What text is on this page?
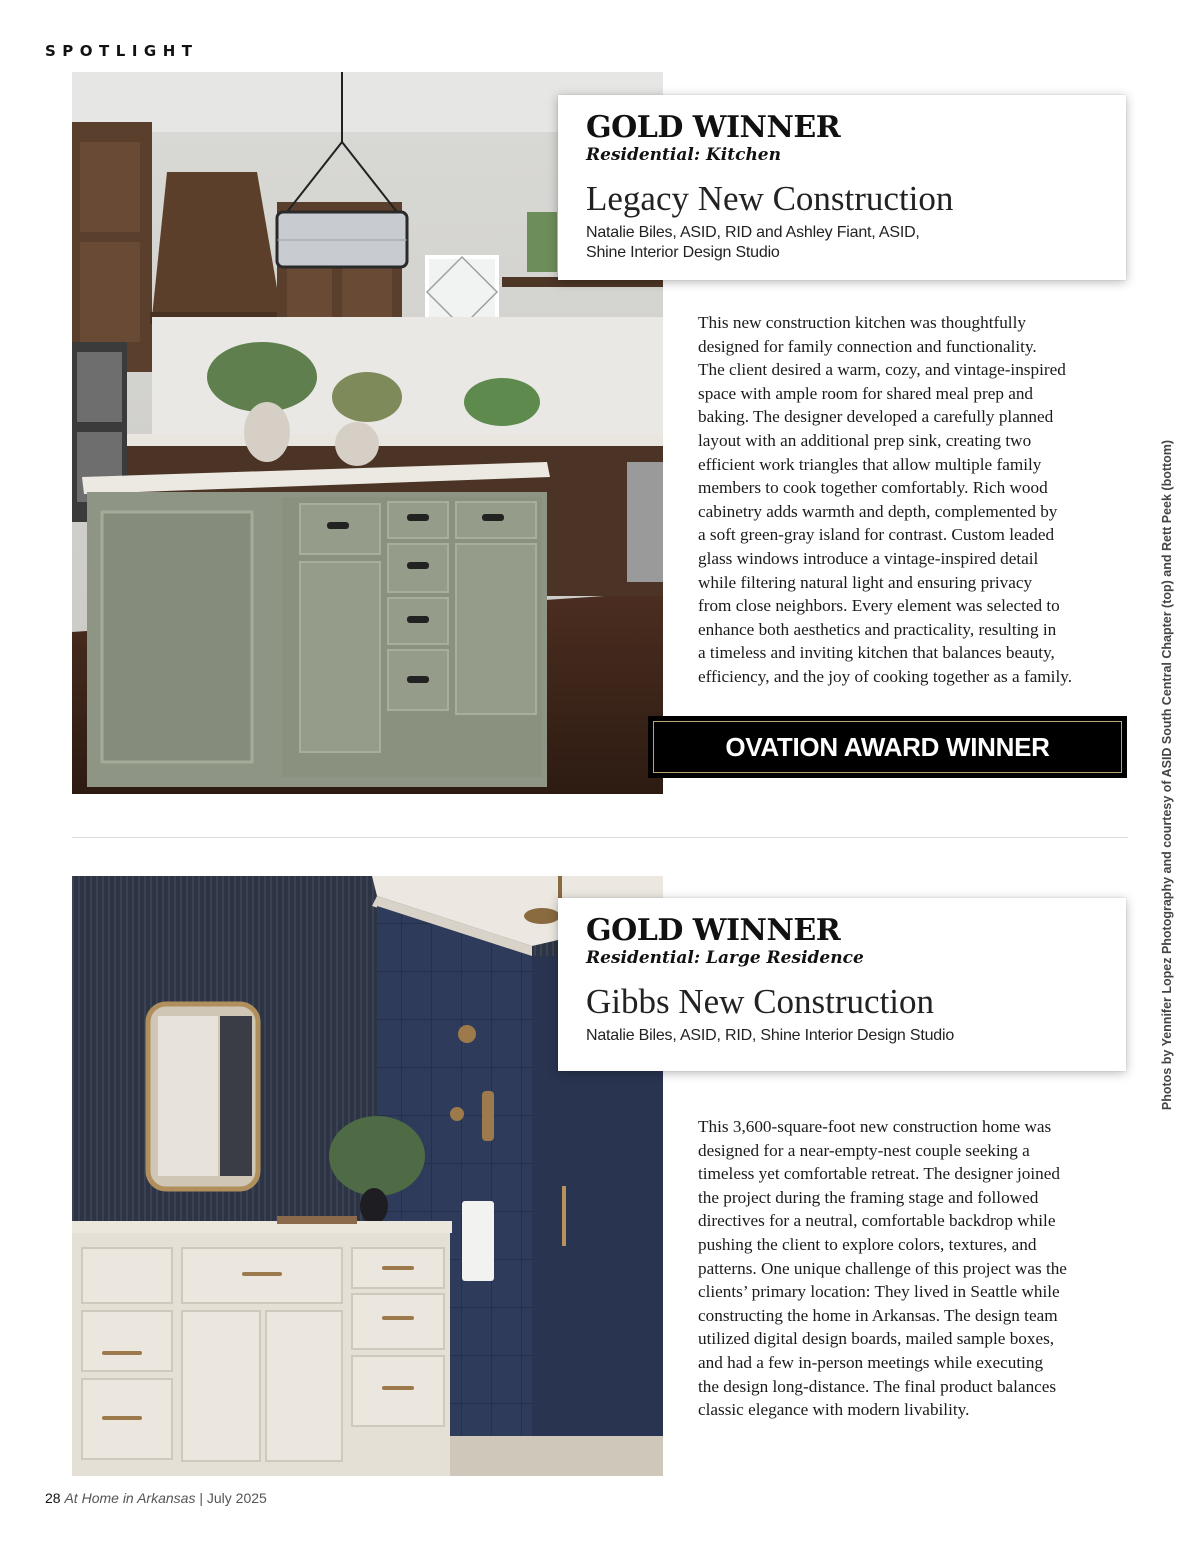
SPOTLIGHT
GOLD WINNER
Residential: Kitchen
Legacy New Construction
Natalie Biles, ASID, RID and Ashley Fiant, ASID,
Shine Interior Design Studio
This new construction kitchen was thoughtfully
designed for family connection and functionality.
The client desired a warm, cozy, and vintage-inspired
space with ample room for shared meal prep and
baking. The designer developed a carefully planned
layout with an additional prep sink, creating two
efficient work triangles that allow multiple family
members to cook together comfortably. Rich wood
cabinetry adds warmth and depth, complemented by
a soft green-gray island for contrast. Custom leaded
glass windows introduce a vintage-inspired detail
while filtering natural light and ensuring privacy
from close neighbors. Every element was selected to
enhance both aesthetics and practicality, resulting in
a timeless and inviting kitchen that balances beauty,
efficiency, and the joy of cooking together as a family.
OVATION AWARD WINNER
GOLD WINNER
Residential: Large Residence
Gibbs New Construction
Natalie Biles, ASID, RID, Shine Interior Design Studio
This 3,600-square-foot new construction home was
designed for a near-empty-nest couple seeking a
timeless yet comfortable retreat. The designer joined
the project during the framing stage and followed
directives for a neutral, comfortable backdrop while
pushing the client to explore colors, textures, and
patterns. One unique challenge of this project was the
clients’ primary location: They lived in Seattle while
constructing the home in Arkansas. The design team
utilized digital design boards, mailed sample boxes,
and had a few in-person meetings while executing
the design long-distance. The final product balances
classic elegance with modern livability.
Photos by Yennifer Lopez Photography and courtesy of ASID South Central Chapter (top) and Rett Peek (bottom)
28 At Home in Arkansas | July 2025
